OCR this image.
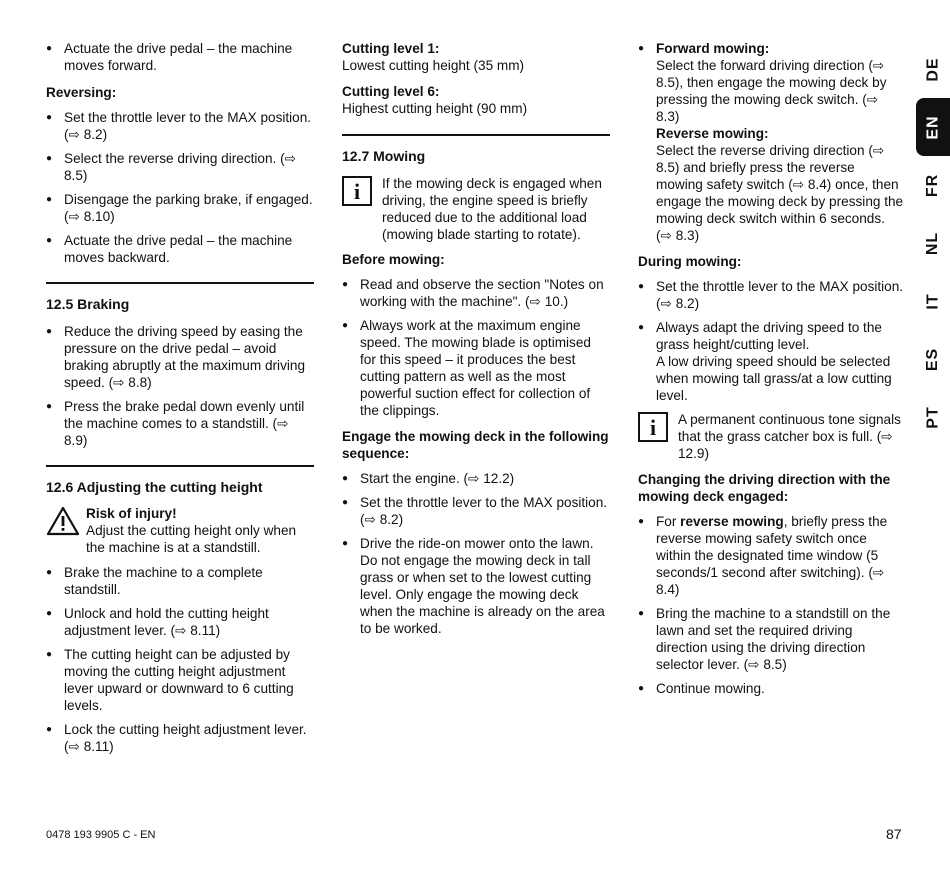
● Actuate the drive pedal – the machine moves forward.

Reversing:

● Set the throttle lever to the MAX position. (⇨ 8.2)
● Select the reverse driving direction. (⇨ 8.5)
● Disengage the parking brake, if engaged. (⇨ 8.10)
● Actuate the drive pedal – the machine moves backward.

12.5 Braking

● Reduce the driving speed by easing the pressure on the drive pedal – avoid braking abruptly at the maximum driving speed. (⇨ 8.8)
● Press the brake pedal down evenly until the machine comes to a standstill. (⇨ 8.9)

12.6 Adjusting the cutting height

Risk of injury!

Adjust the cutting height only when the machine is at a standstill.

● Brake the machine to a complete standstill.
● Unlock and hold the cutting height adjustment lever. (⇨ 8.11)
● The cutting height can be adjusted by moving the cutting height adjustment lever upward or downward to 6 cutting levels.
● Lock the cutting height adjustment lever. (⇨ 8.11)

Cutting level 1:

Lowest cutting height (35 mm)

Cutting level 6:

Highest cutting height (90 mm)

12.7 Mowing

i	If the mowing deck is engaged when driving, the engine speed is briefly reduced due to the additional load (mowing blade starting to rotate).

Before mowing:

● Read and observe the section "Notes on working with the machine". (⇨ 10.)
● Always work at the maximum engine speed. The mowing blade is optimised for this speed – it produces the best cutting pattern as well as the most powerful suction effect for collection of the clippings.

Engage the mowing deck in the following sequence:

● Start the engine. (⇨ 12.2)
● Set the throttle lever to the MAX position. (⇨ 8.2)
● Drive the ride-on mower onto the lawn. Do not engage the mowing deck in tall grass or when set to the lowest cutting level. Only engage the mowing deck when the machine is already on the area to be worked.

● Forward mowing:

Select the forward driving direction (⇨ 8.5), then engage the mowing deck by pressing the mowing deck switch. (⇨ 8.3)

Reverse mowing:

Select the reverse driving direction (⇨ 8.5) and briefly press the reverse mowing safety switch (⇨ 8.4) once, then engage the mowing deck by pressing the mowing deck switch within 6 seconds. (⇨ 8.3)

During mowing:

● Set the throttle lever to the MAX position. (⇨ 8.2)

● Always adapt the driving speed to the grass height/cutting level.

A low driving speed should be selected when mowing tall grass/at a low cutting level.

i	A permanent continuous tone signals that the grass catcher box is full. (⇨ 12.9)

Changing the driving direction with the mowing deck engaged:

● For reverse mowing, briefly press the reverse mowing safety switch once within the designated time window (5 seconds/1 second after switching). (⇨ 8.4)
● Bring the machine to a standstill on the lawn and set the required driving direction using the driving direction selector lever. (⇨ 8.5)
● Continue mowing.
DE
EN
FR
NL
IT
ES
PT
0478 193 9905 C - EN	87
